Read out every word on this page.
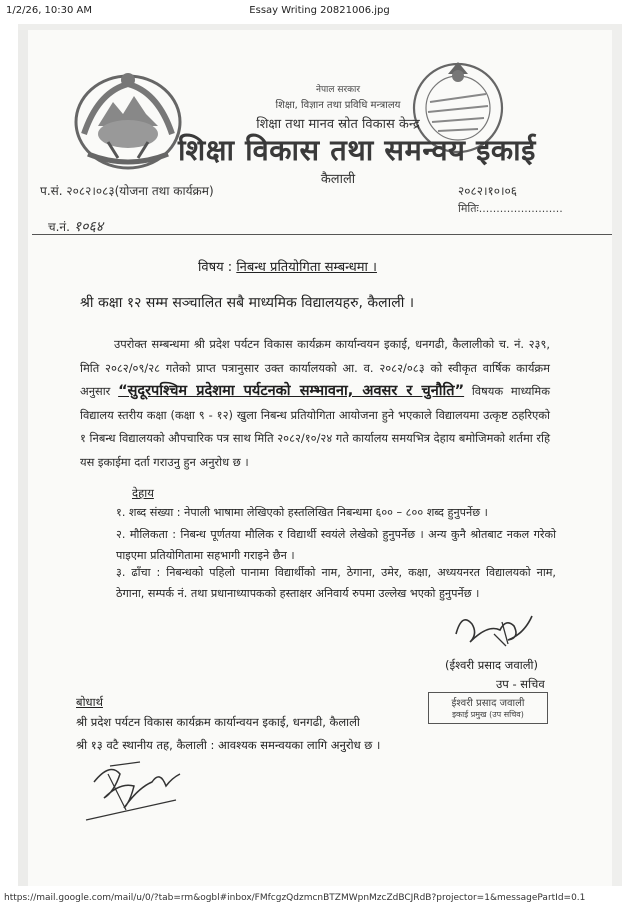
1/2/26, 10:30 AM	Essay Writing 20821006.jpg
नेपाल सरकार
शिक्षा, विज्ञान तथा प्रविधि मन्त्रालय
शिक्षा तथा मानव स्रोत विकास केन्द्र
शिक्षा विकास तथा समन्वय इकाई
कैलाली
प.सं. २०८२।०८३(योजना तथा कार्यक्रम)	२०८२।१०।०६
मितिः........................
च.नं. १०६४
विषय : निबन्ध प्रतियोगिता सम्बन्धमा ।
श्री कक्षा १२ सम्म सञ्चालित सबै माध्यमिक विद्यालयहरु, कैलाली ।
उपरोक्त सम्बन्धमा श्री प्रदेश पर्यटन विकास कार्यक्रम कार्यान्वयन इकाई, धनगढी, कैलालीको च. नं. २३९, मिति २०८२/०९/२८ गतेको प्राप्त पत्रानुसार उक्त कार्यालयको आ. व. २०८२/०८३ को स्वीकृत वार्षिक कार्यक्रम अनुसार “सुदूरपश्चिम प्रदेशमा पर्यटनको सम्भावना, अवसर र चुनौति” विषयक माध्यमिक विद्यालय स्तरीय कक्षा (कक्षा ९ - १२) खुला निबन्ध प्रतियोगिता आयोजना हुने भएकाले विद्यालयमा उत्कृष्ट ठहरिएको १ निबन्ध विद्यालयको औपचारिक पत्र साथ मिति २०८२/१०/२४ गते कार्यालय समयभित्र देहाय बमोजिमको शर्तमा रहि यस इकाईमा दर्ता गराउनु हुन अनुरोध छ ।
देहाय
१. शब्द संख्या : नेपाली भाषामा लेखिएको हस्तलिखित निबन्धमा ६०० – ८०० शब्द हुनुपर्नेछ ।
२. मौलिकता : निबन्ध पूर्णतया मौलिक र विद्यार्थी स्वयंले लेखेको हुनुपर्नेछ । अन्य कुनै श्रोतबाट नकल गरेको पाइएमा प्रतियोगितामा सहभागी गराइने छैन ।
३. ढाँचा : निबन्धको पहिलो पानामा विद्यार्थीको नाम, ठेगाना, उमेर, कक्षा, अध्ययनरत विद्यालयको नाम, ठेगाना, सम्पर्क नं. तथा प्रधानाध्यापकको हस्ताक्षर अनिवार्य रुपमा उल्लेख भएको हुनुपर्नेछ ।
(ईश्वरी प्रसाद जवाली)
उप - सचिव
ईश्वरी प्रसाद जवाली
इकाई प्रमुख (उप सचिव)
बोधार्थ
श्री प्रदेश पर्यटन विकास कार्यक्रम कार्यान्वयन इकाई, धनगढी, कैलाली
श्री १३ वटै स्थानीय तह, कैलाली : आवश्यक समन्वयका लागि अनुरोध छ ।
https://mail.google.com/mail/u/0/?tab=rm&ogbl#inbox/FMfcgzQdzmcnBTZMWpnMzcZdBCJRdB?projector=1&messagePartId=0.1
